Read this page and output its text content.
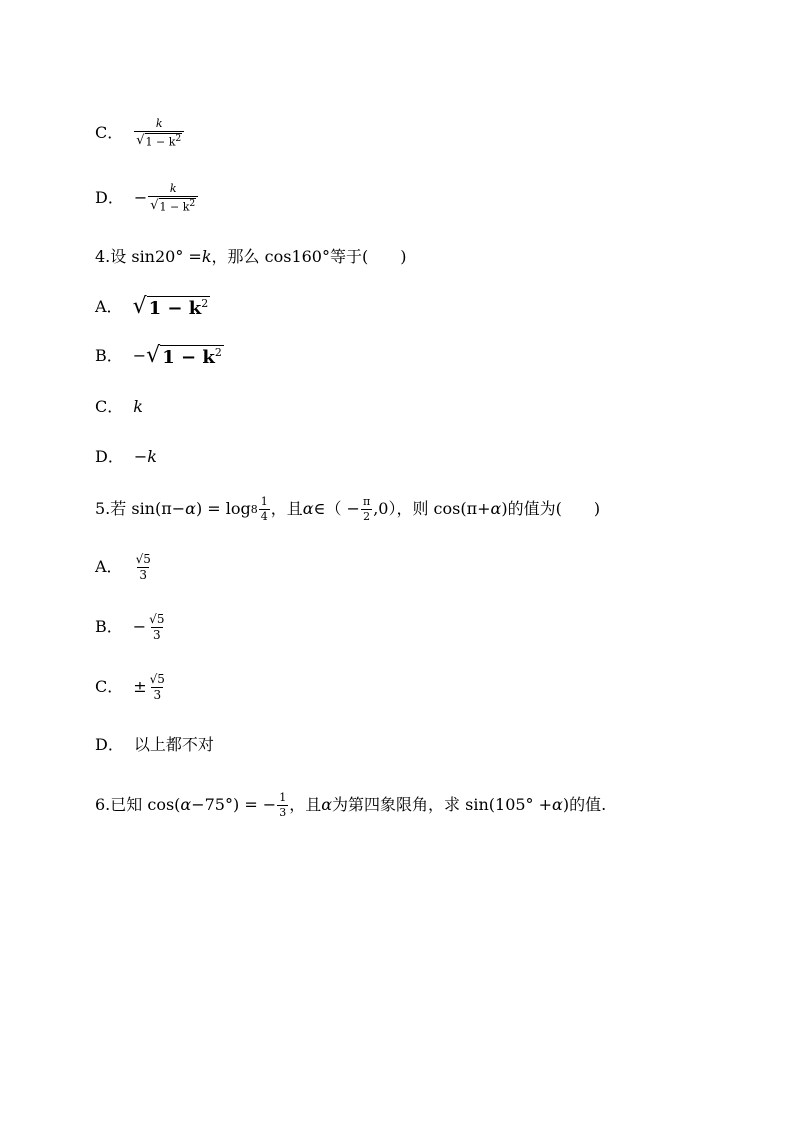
C． $\frac{k}{√ 1 - k^2}$
D． − $\frac{k}{√ 1 - k^2}$
4.设 sin20° = k ，那么 cos160°等于(　　)
A． √ $1 - k^2$
B． − √ $1 - k^2$
C． k
D． −k
5.若 sin(π− α ) = $\log 8 \frac{1}{4}$ ，且 α ∈（ − $\frac{\pi}{2} ,0$），则 cos(π+ α )的值为(　　)
A． $\frac{√5}{3}$
B． − $\frac{√5}{3}$
C． ± $\frac{√5}{3}$
D． 以上都不对
6.已知 cos( α −75°) = − $\frac{1}{3}$ ，且 α 为第四象限角，求 sin(105° + α )的值.
